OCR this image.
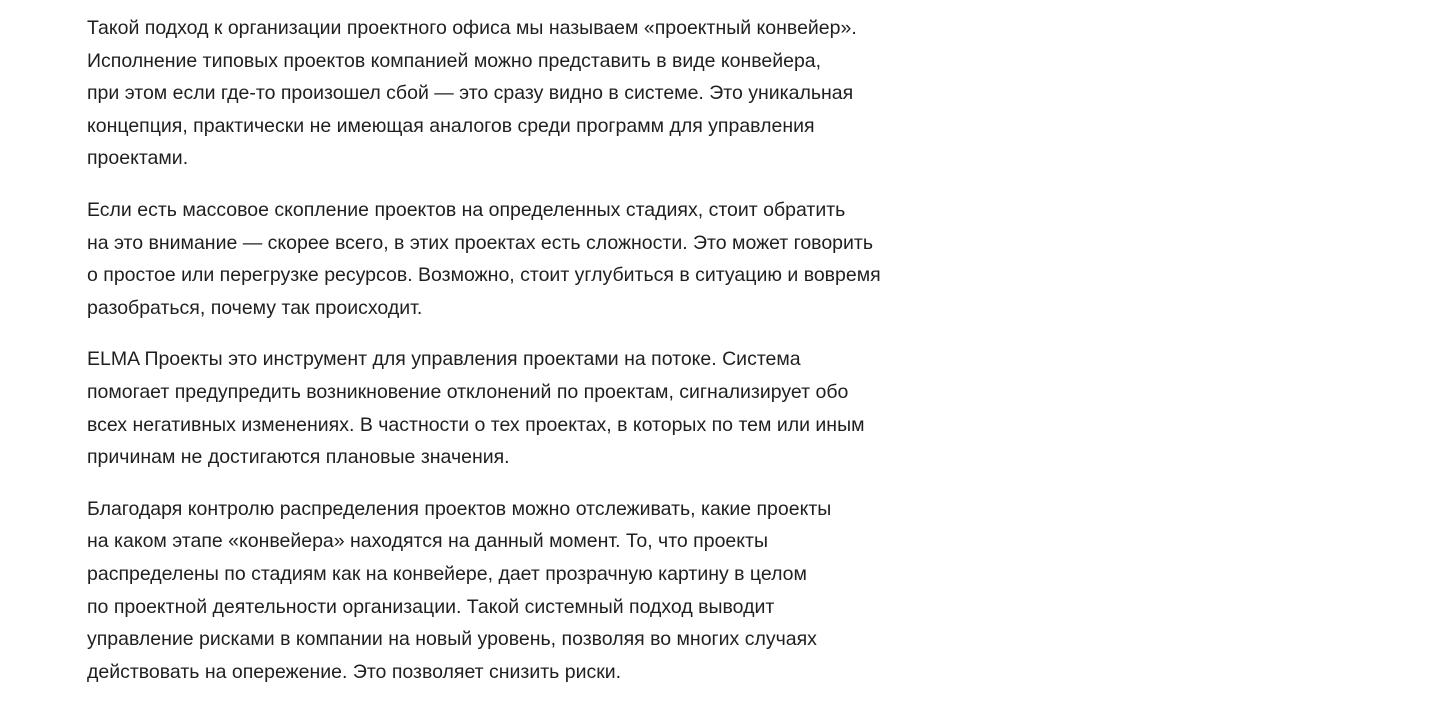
Такой подход к организации проектного офиса мы называем «проектный конвейер».
Исполнение типовых проектов компанией можно представить в виде конвейера,
при этом если где-то произошел сбой — это сразу видно в системе. Это уникальная
концепция, практически не имеющая аналогов среди программ для управления
проектами.

Если есть массовое скопление проектов на определенных стадиях, стоит обратить
на это внимание — скорее всего, в этих проектах есть сложности. Это может говорить
о простое или перегрузке ресурсов. Возможно, стоит углубиться в ситуацию и вовремя
разобраться, почему так происходит.

ELMA Проекты это инструмент для управления проектами на потоке. Система
помогает предупредить возникновение отклонений по проектам, сигнализирует обо
всех негативных изменениях. В частности о тех проектах, в которых по тем или иным
причинам не достигаются плановые значения.

Благодаря контролю распределения проектов можно отслеживать, какие проекты
на каком этапе «конвейера» находятся на данный момент. То, что проекты
распределены по стадиям как на конвейере, дает прозрачную картину в целом
по проектной деятельности организации. Такой системный подход выводит
управление рисками в компании на новый уровень, позволяя во многих случаях
действовать на опережение. Это позволяет снизить риски.
